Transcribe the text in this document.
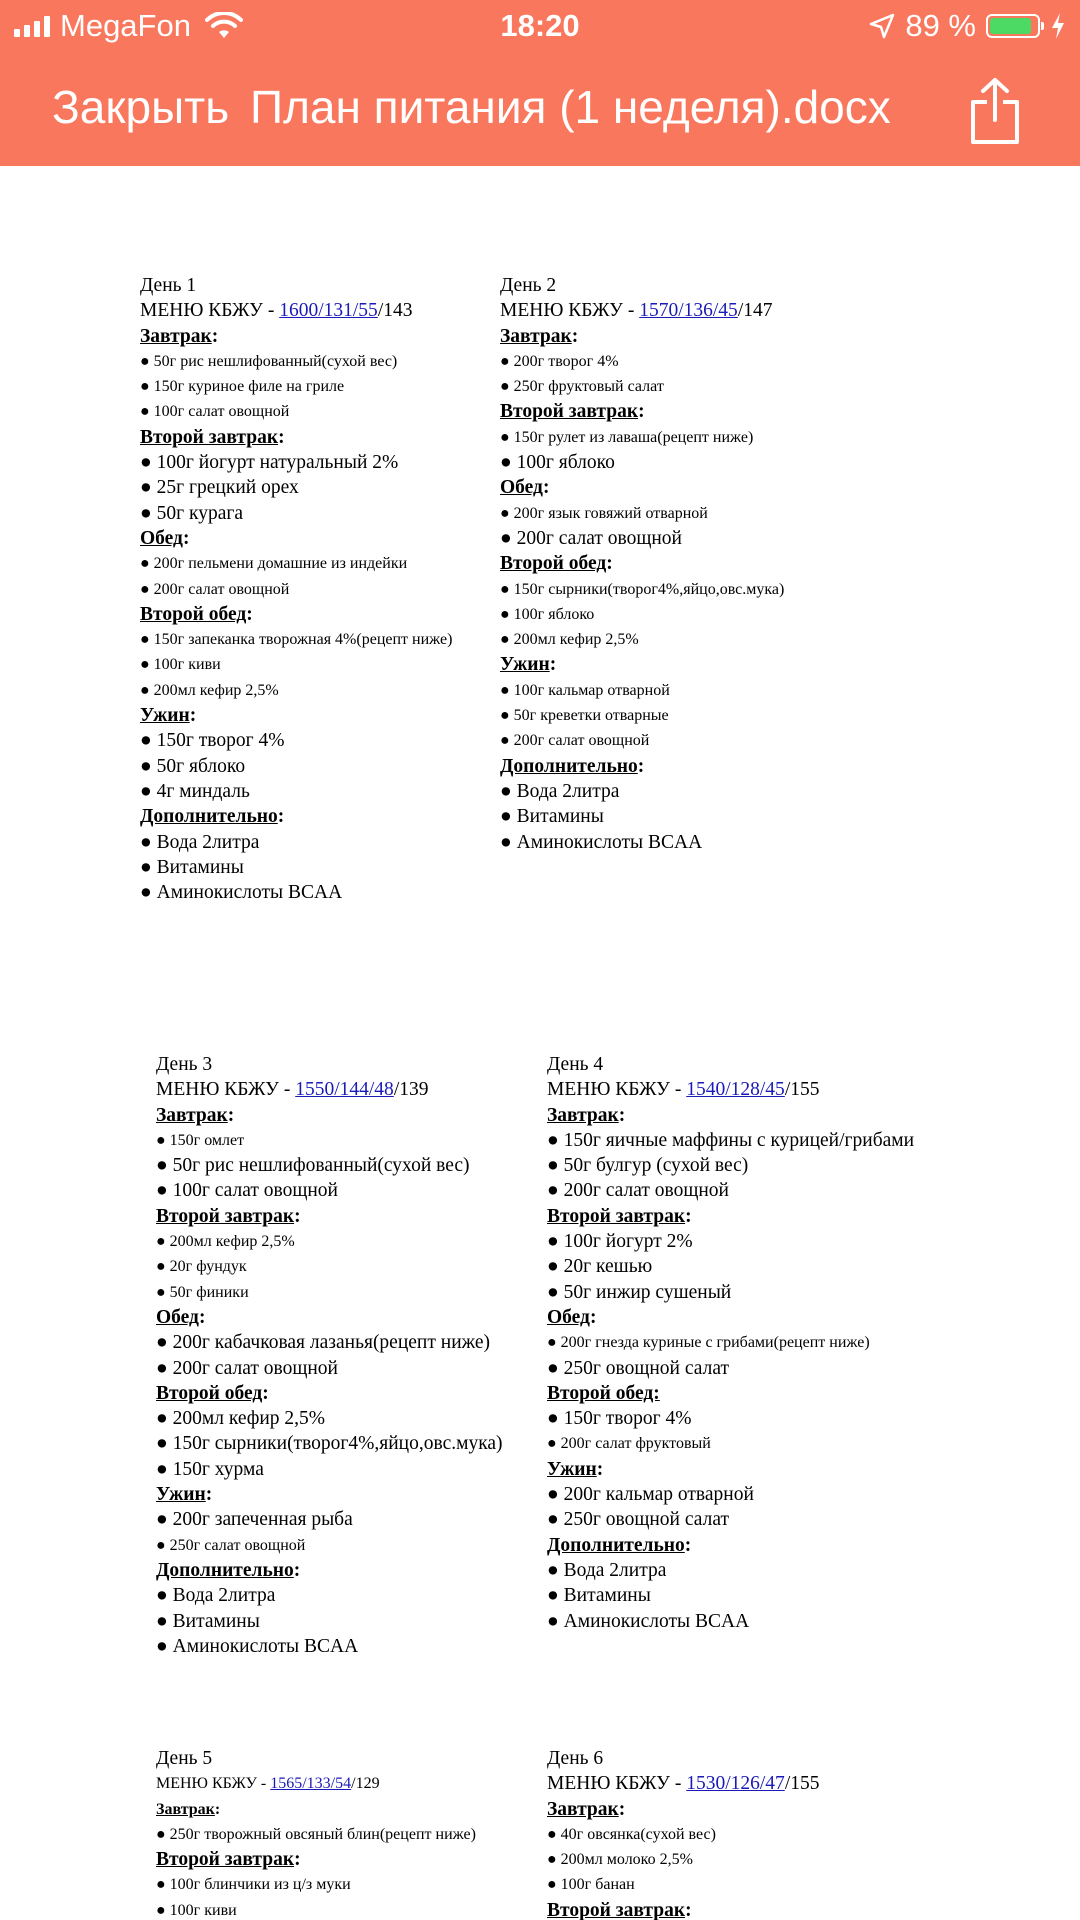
MegaFon	18:20	89 %
Закрыть План питания (1 неделя).docx
День 1
МЕНЮ КБЖУ - 1600/131/55/143
Завтрак:
● 50г рис нешлифованный(сухой вес)
● 150г куриное филе на гриле
● 100г салат овощной
Второй завтрак:
● 100г йогурт натуральный 2%
● 25г грецкий орех
● 50г курага
Обед:
● 200г пельмени домашние из индейки
● 200г салат овощной
Второй обед:
● 150г запеканка творожная 4%(рецепт ниже)
● 100г киви
● 200мл кефир 2,5%
Ужин:
● 150г творог 4%
● 50г яблоко
● 4г миндаль
Дополнительно:
● Вода 2литра
● Витамины
● Аминокислоты BCAA
День 2
МЕНЮ КБЖУ - 1570/136/45/147
Завтрак:
● 200г творог 4%
● 250г фруктовый салат
Второй завтрак:
● 150г рулет из лаваша(рецепт ниже)
● 100г яблоко
Обед:
● 200г язык говяжий отварной
● 200г салат овощной
Второй обед:
● 150г сырники(творог4%,яйцо,овс.мука)
● 100г яблоко
● 200мл кефир 2,5%
Ужин:
● 100г кальмар отварной
● 50г креветки отварные
● 200г салат овощной
Дополнительно:
● Вода 2литра
● Витамины
● Аминокислоты BCAA
День 3
МЕНЮ КБЖУ - 1550/144/48/139
Завтрак:
● 150г омлет
● 50г рис нешлифованный(сухой вес)
● 100г салат овощной
Второй завтрак:
● 200мл кефир 2,5%
● 20г фундук
● 50г финики
Обед:
● 200г кабачковая лазанья(рецепт ниже)
● 200г салат овощной
Второй обед:
● 200мл кефир 2,5%
● 150г сырники(творог4%,яйцо,овс.мука)
● 150г хурма
Ужин:
● 200г запеченная рыба
● 250г салат овощной
Дополнительно:
● Вода 2литра
● Витамины
● Аминокислоты BCAA
День 4
МЕНЮ КБЖУ - 1540/128/45/155
Завтрак:
● 150г яичные маффины с курицей/грибами
● 50г булгур (сухой вес)
● 200г салат овощной
Второй завтрак:
● 100г йогурт 2%
● 20г кешью
● 50г инжир сушеный
Обед:
● 200г гнезда куриные с грибами(рецепт ниже)
● 250г овощной салат
Второй обед:
● 150г творог 4%
● 200г салат фруктовый
Ужин:
● 200г кальмар отварной
● 250г овощной салат
Дополнительно:
● Вода 2литра
● Витамины
● Аминокислоты BCAA
День 5
МЕНЮ КБЖУ - 1565/133/54/129
Завтрак:
● 250г творожный овсяный блин(рецепт ниже)
Второй завтрак:
● 100г блинчики из ц/з муки
● 100г киви
День 6
МЕНЮ КБЖУ - 1530/126/47/155
Завтрак:
● 40г овсянка(сухой вес)
● 200мл молоко 2,5%
● 100г банан
Второй завтрак:
